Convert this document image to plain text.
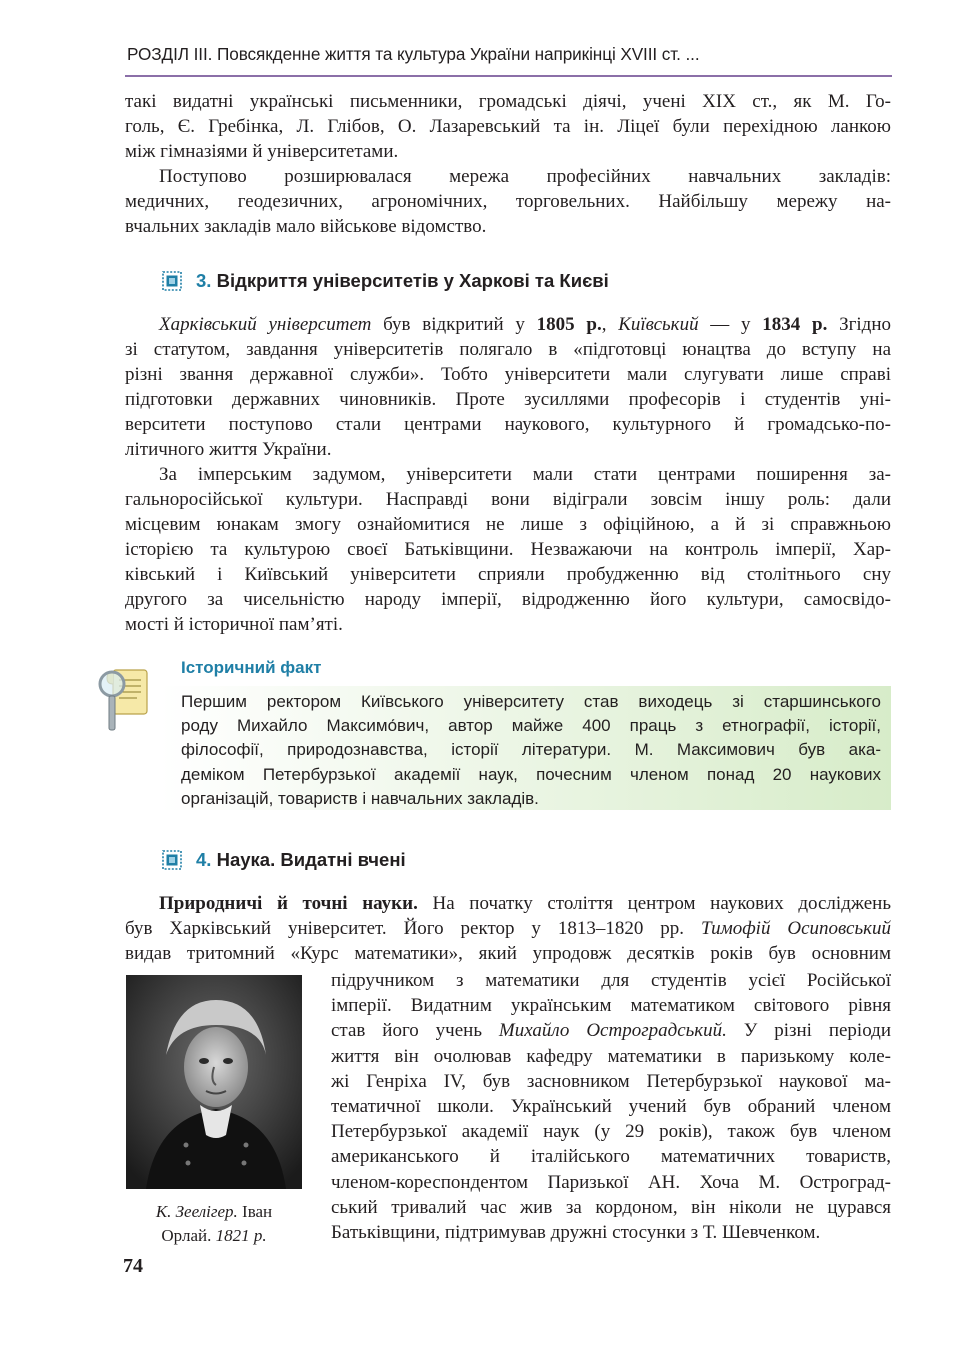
РОЗДІЛ ІІІ. Повсякденне життя та культура України наприкінці XVIII ст. ...
такі видатні українські письменники, громадські діячі, учені XIX ст., як М. Го-
голь, Є. Гребінка, Л. Глібов, О. Лазаревський та ін. Ліцеї були перехідною ланкою
між гімназіями й університетами.
Поступово розширювалася мережа професійних навчальних закладів:
медичних, геодезичних, агрономічних, торговельних. Найбільшу мережу на-
вчальних закладів мало військове відомство.
3. Відкриття університетів у Харкові та Києві
Харківський університет був відкритий у 1805 р., Київський — у 1834 р. Згідно
зі статутом, завдання університетів полягало в «підготовці юнацтва до вступу на
різні звання державної служби». Тобто університети мали слугувати лише справі
підготовки державних чиновників. Проте зусиллями професорів і студентів уні-
верситети поступово стали центрами наукового, культурного й громадсько-по-
літичного життя України.
За імперським задумом, університети мали стати центрами поширення за-
гальноросійської культури. Насправді вони відіграли зовсім іншу роль: дали
місцевим юнакам змогу ознайомитися не лише з офіційною, а й зі справжньою
історією та культурою своєї Батьківщини. Незважаючи на контроль імперії, Хар-
ківський і Київський університети сприяли пробудженню від столітнього сну
другого за чисельністю народу імперії, відродженню його культури, самосвідо-
мості й історичної пам’яті.
Історичний факт
Першим ректором Київського університету став виходець зі старшинського
роду Михайло Максимо́вич, автор майже 400 праць з етнографії, історії,
філософії, природознавства, історії літератури. М. Максимович був ака-
деміком Петербурзької академії наук, почесним членом понад 20 наукових
організацій, товариств і навчальних закладів.
4. Наука. Видатні вчені
Природничі й точні науки. На початку століття центром наукових досліджень
був Харківський університет. Його ректор у 1813–1820 рр. Тимофій Осиповський
видав тритомний «Курс математики», який упродовж десятків років був основним
К. Зеелігер. Іван
Орлай. 1821 р.
підручником з математики для студентів усієї Російської
імперії. Видатним українським математиком світового рівня
став його учень Михайло Остроградський. У різні періоди
життя він очолював кафедру математики в паризькому коле-
жі Генріха IV, був засновником Петербурзької наукової ма-
тематичної школи. Український учений був обраний членом
Петербурзької академії наук (у 29 років), також був членом
американського й італійського математичних товариств,
членом-кореспондентом Паризької АН. Хоча М. Остроград-
ський тривалий час жив за кордоном, він ніколи не цурався
Батьківщини, підтримував дружні стосунки з Т. Шевченком.
74
